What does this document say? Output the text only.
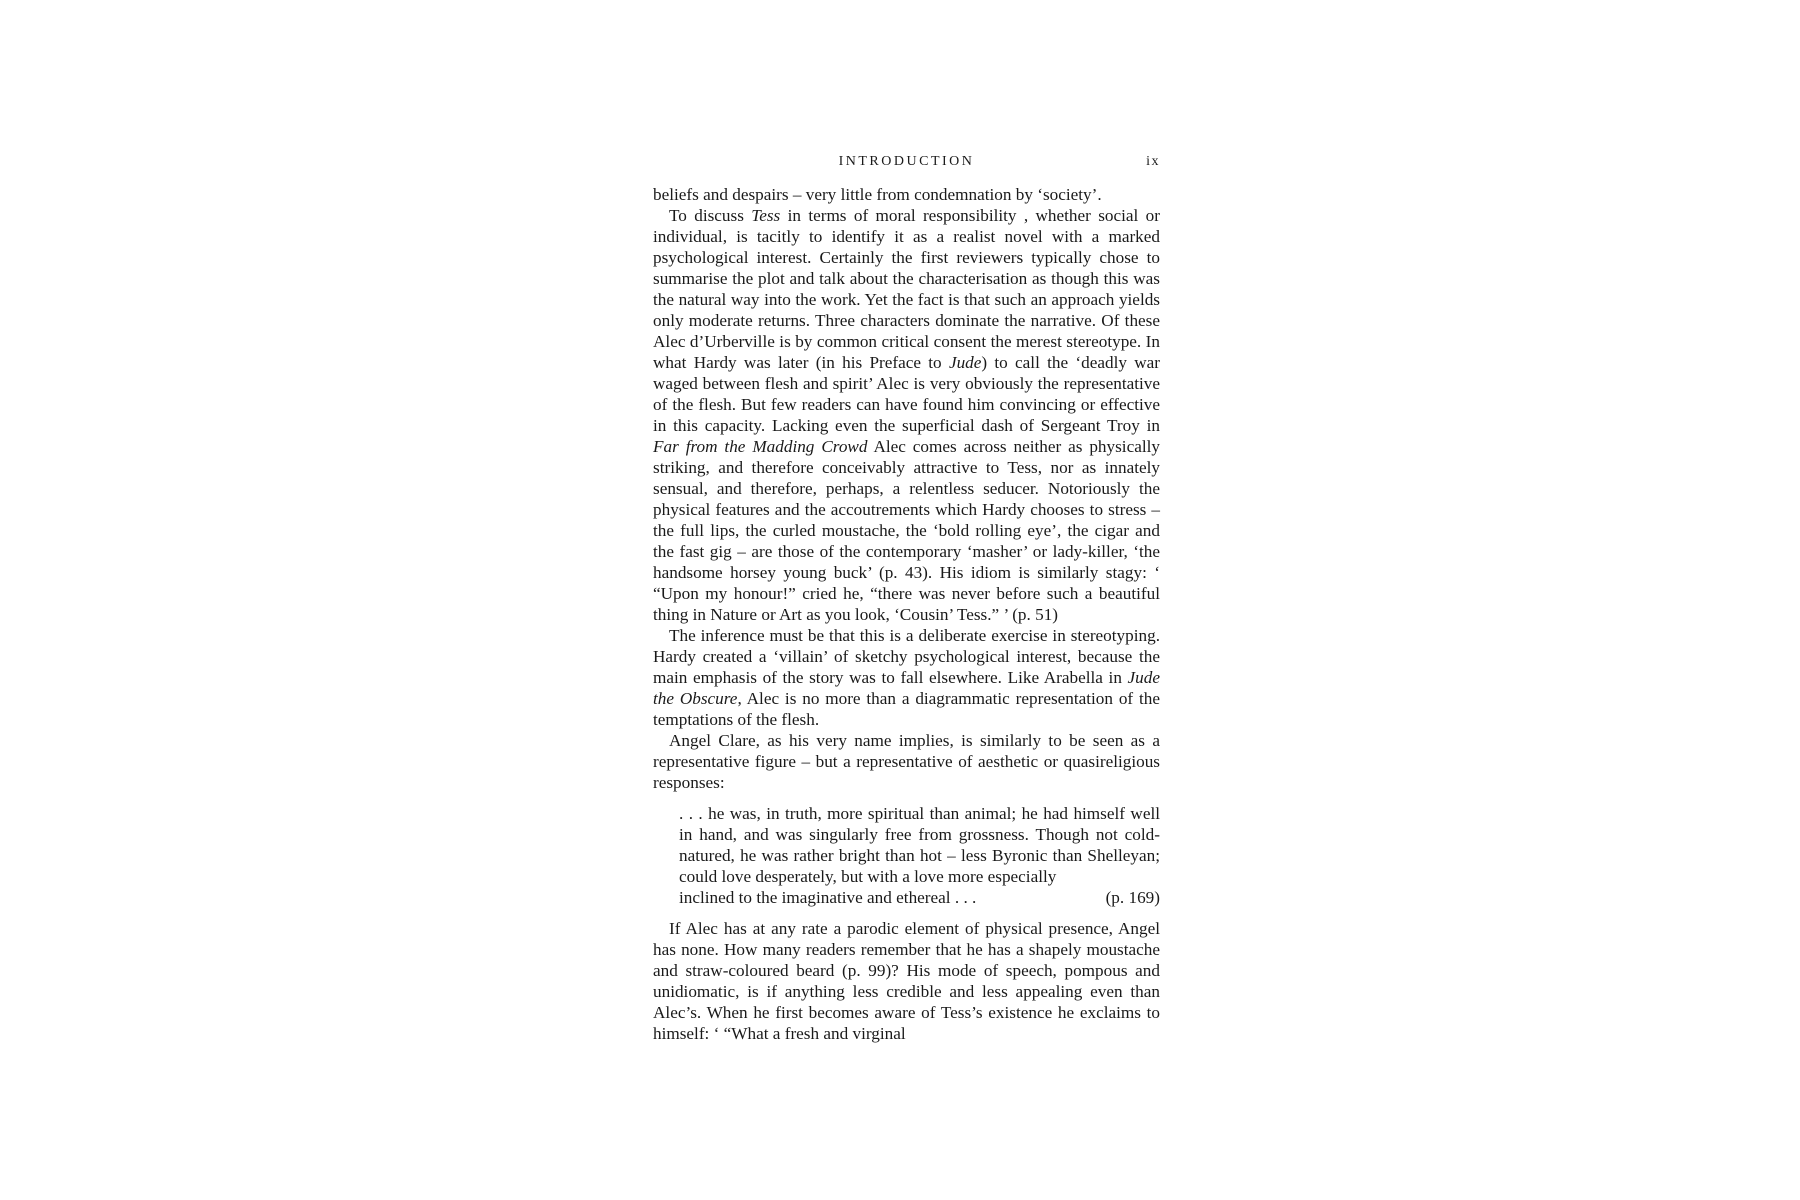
INTRODUCTION	ix

beliefs and despairs – very little from condemnation by ‘society’.

To discuss Tess in terms of moral responsibility , whether social or individual, is tacitly to identify it as a realist novel with a marked psychological interest. Certainly the first reviewers typically chose to summarise the plot and talk about the characterisation as though this was the natural way into the work. Yet the fact is that such an approach yields only moderate returns. Three characters dominate the narrative. Of these Alec d’Urberville is by common critical consent the merest stereotype. In what Hardy was later (in his Preface to Jude) to call the ‘deadly war waged between flesh and spirit’ Alec is very obviously the representative of the flesh. But few readers can have found him convincing or effective in this capacity. Lacking even the superficial dash of Sergeant Troy in Far from the Madding Crowd Alec comes across neither as physically striking, and therefore conceivably attractive to Tess, nor as innately sensual, and therefore, perhaps, a relentless seducer. Notoriously the physical features and the accoutrements which Hardy chooses to stress – the full lips, the curled moustache, the ‘bold rolling eye’, the cigar and the fast gig – are those of the contemporary ‘masher’ or lady-killer, ‘the handsome horsey young buck’ (p. 43). His idiom is similarly stagy: ‘ “Upon my honour!” cried he, “there was never before such a beautiful thing in Nature or Art as you look, ‘Cousin’ Tess.” ’ (p. 51)

The inference must be that this is a deliberate exercise in stereotyping. Hardy created a ‘villain’ of sketchy psychological interest, because the main emphasis of the story was to fall elsewhere. Like Arabella in Jude the Obscure, Alec is no more than a diagrammatic representation of the temptations of the flesh.

Angel Clare, as his very name implies, is similarly to be seen as a representative figure – but a representative of aesthetic or quasireligious responses:

. . . he was, in truth, more spiritual than animal; he had himself well in hand, and was singularly free from grossness. Though not cold-natured, he was rather bright than hot – less Byronic than Shelleyan; could love desperately, but with a love more especially
inclined to the imaginative and ethereal . . .	(p. 169)

If Alec has at any rate a parodic element of physical presence, Angel has none. How many readers remember that he has a shapely moustache and straw-coloured beard (p. 99)? His mode of speech, pompous and unidiomatic, is if anything less credible and less appealing even than Alec’s. When he first becomes aware of Tess’s existence he exclaims to himself: ‘ “What a fresh and virginal
